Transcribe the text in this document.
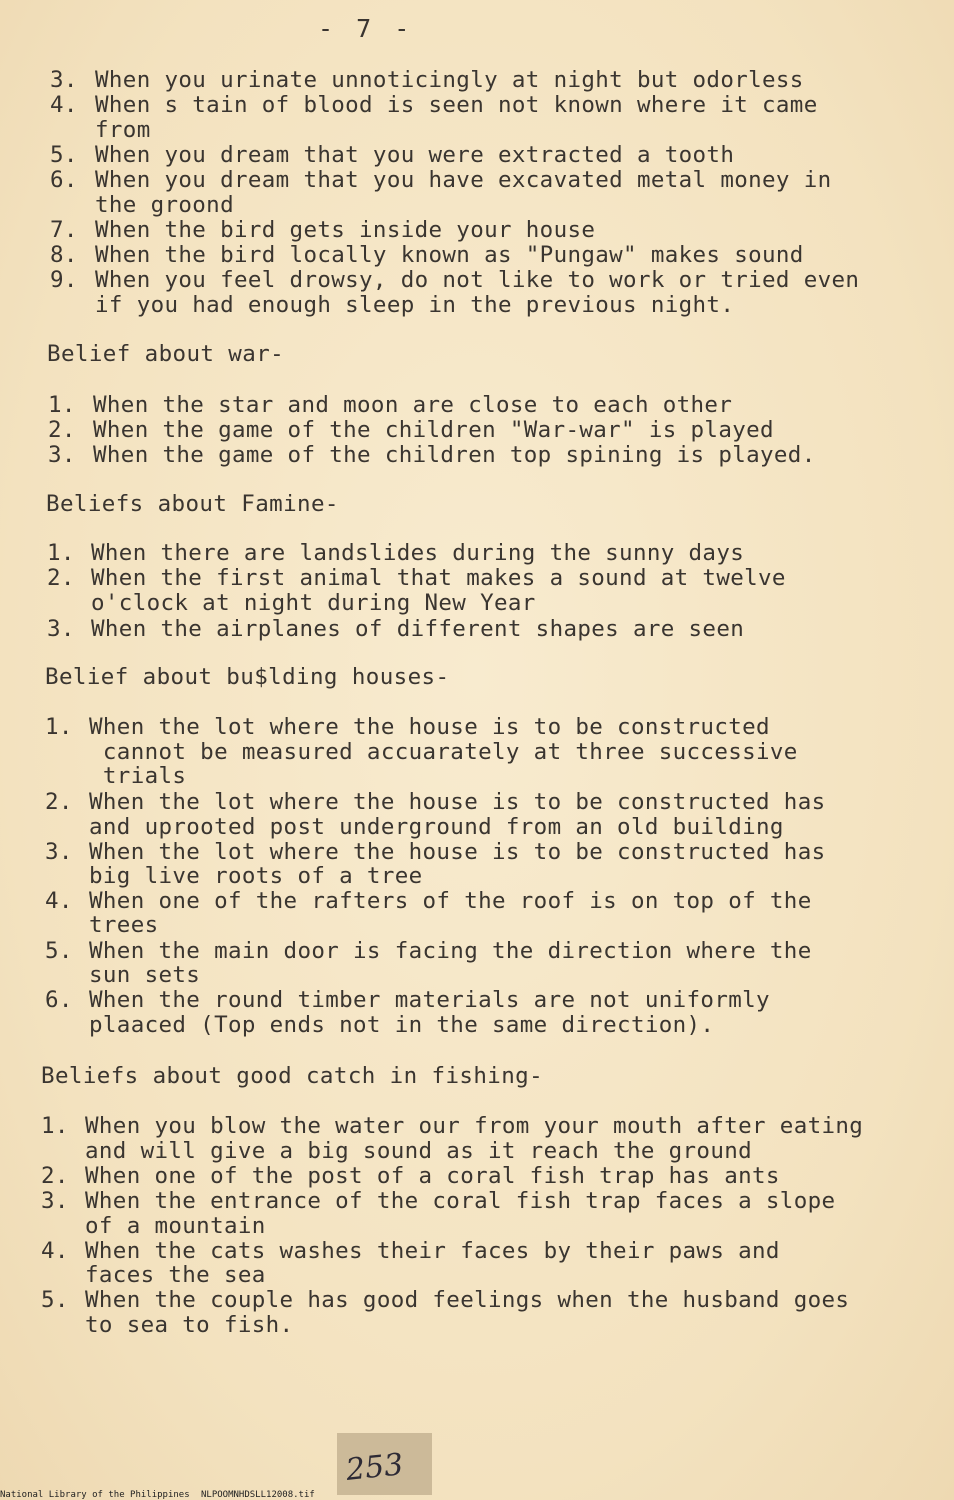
- 7 -
3. When you urinate unnoticingly at night but odorless
4. When s tain of blood is seen not known where it came
from
5. When you dream that you were extracted a tooth
6. When you dream that you have excavated metal money in
the groond
7. When the bird gets inside your house
8. When the bird locally known as "Pungaw" makes sound
9. When you feel drowsy, do not like to work or tried even
if you had enough sleep in the previous night.
Belief about war-
1. When the star and moon are close to each other
2. When the game of the children "War-war" is played
3. When the game of the children top spining is played.
Beliefs about Famine-
1. When there are landslides during the sunny days
2. When the first animal that makes a sound at twelve
o'clock at night during New Year
3. When the airplanes of different shapes are seen
Belief about bu$lding houses-
1. When the lot where the house is to be constructed
cannot be measured accuarately at three successive
trials
2. When the lot where the house is to be constructed has
and uprooted post underground from an old building
3. When the lot where the house is to be constructed has
big live roots of a tree
4. When one of the rafters of the roof is on top of the
trees
5. When the main door is facing the direction where the
sun sets
6. When the round timber materials are not uniformly
plaaced (Top ends not in the same direction).
Beliefs about good catch in fishing-
1. When you blow the water our from your mouth after eating
and will give a big sound as it reach the ground
2. When one of the post of a coral fish trap has ants
3. When the entrance of the coral fish trap faces a slope
of a mountain
4. When the cats washes their faces by their paws and
faces the sea
5. When the couple has good feelings when the husband goes
to sea to fish.
253
National Library of the Philippines NLPOOMNHDSLL12008.tif
